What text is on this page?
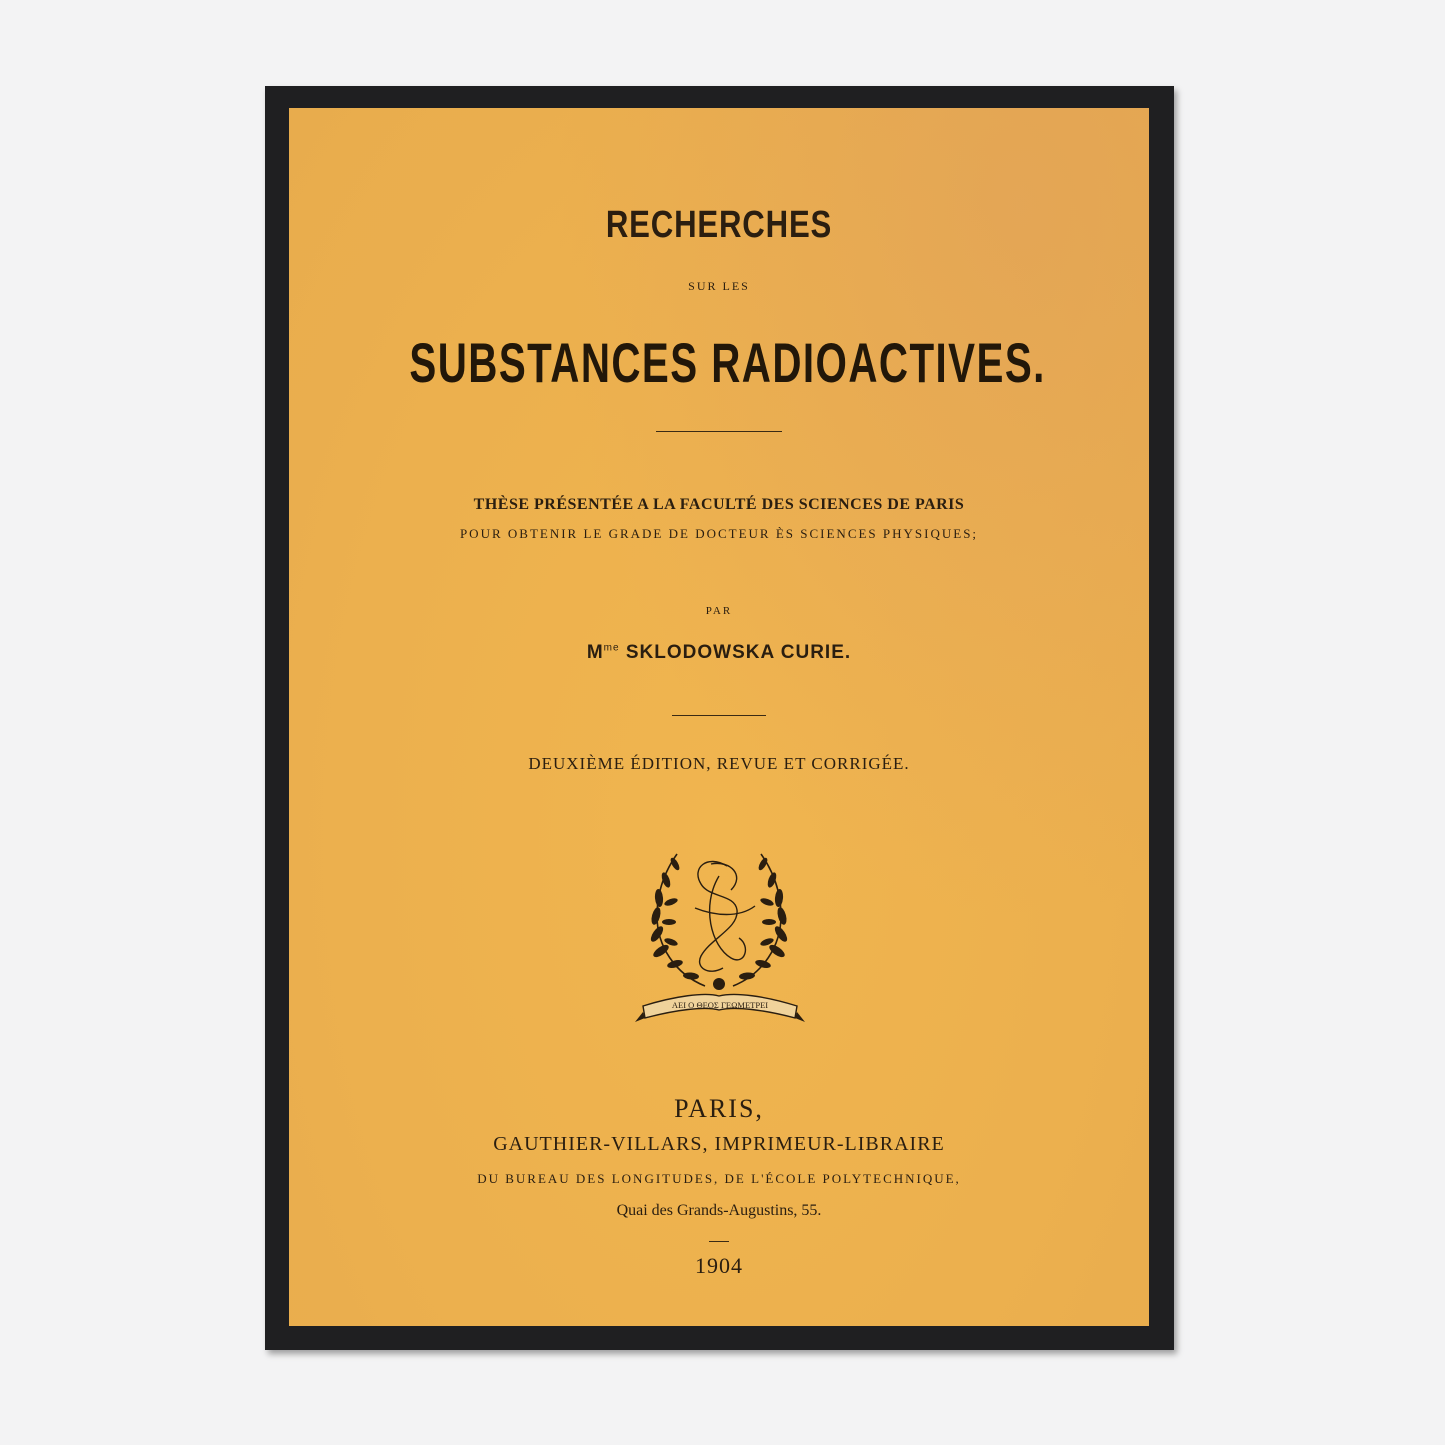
RECHERCHES
SUR LES
SUBSTANCES RADIOACTIVES.
THÈSE PRÉSENTÉE A LA FACULTÉ DES SCIENCES DE PARIS
POUR OBTENIR LE GRADE DE DOCTEUR ÈS SCIENCES PHYSIQUES;
PAR
$M^{me}$ SKLODOWSKA CURIE.
DEUXIÈME ÉDITION, REVUE ET CORRIGÉE.
ΑΕΙ Ο ΘΕΟΣ ΓΕΩΜΕΤΡΕΙ
PARIS,
GAUTHIER-VILLARS, IMPRIMEUR-LIBRAIRE
DU BUREAU DES LONGITUDES, DE L'ÉCOLE POLYTECHNIQUE,
Quai des Grands-Augustins, 55.
1904
